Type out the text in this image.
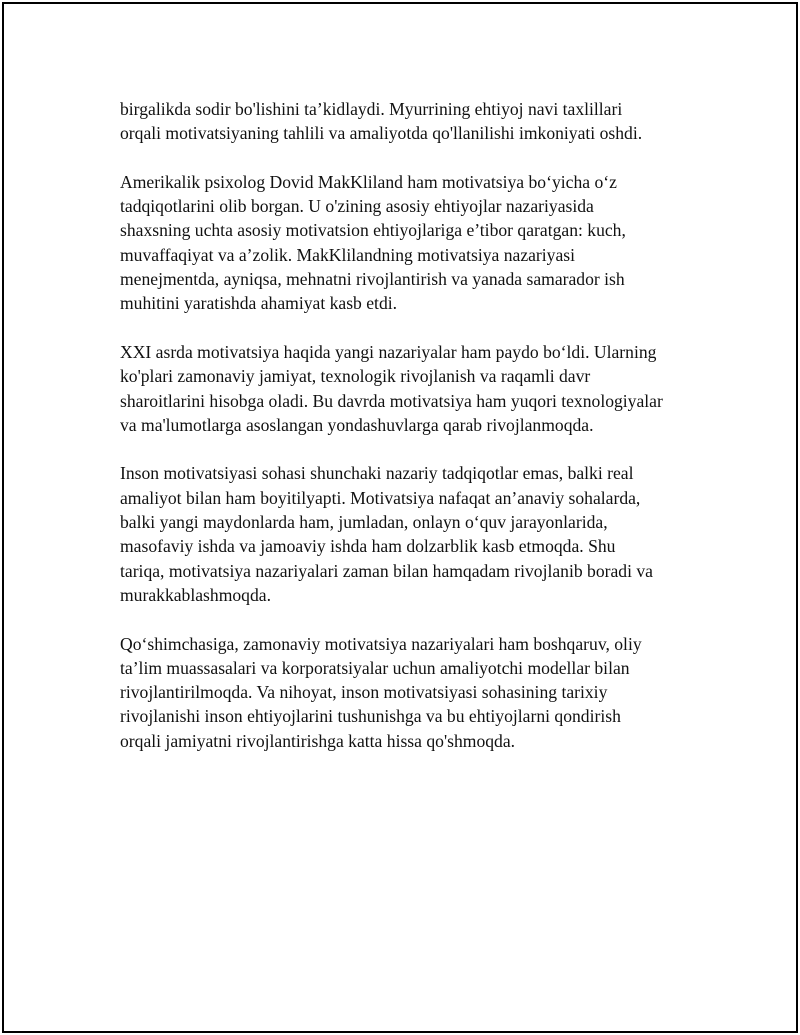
birgalikda sodir bo'lishini ta’kidlaydi. Myurrining ehtiyoj navi taxlillari
orqali motivatsiyaning tahlili va amaliyotda qo'llanilishi imkoniyati oshdi.

Amerikalik psixolog Dovid MakKliland ham motivatsiya bo‘yicha o‘z
tadqiqotlarini olib borgan. U o'zining asosiy ehtiyojlar nazariyasida
shaxsning uchta asosiy motivatsion ehtiyojlariga e’tibor qaratgan: kuch,
muvaffaqiyat va a’zolik. MakKlilandning motivatsiya nazariyasi
menejmentda, ayniqsa, mehnatni rivojlantirish va yanada samarador ish
muhitini yaratishda ahamiyat kasb etdi.

XXI asrda motivatsiya haqida yangi nazariyalar ham paydo bo‘ldi. Ularning
ko'plari zamonaviy jamiyat, texnologik rivojlanish va raqamli davr
sharoitlarini hisobga oladi. Bu davrda motivatsiya ham yuqori texnologiyalar
va ma'lumotlarga asoslangan yondashuvlarga qarab rivojlanmoqda.

Inson motivatsiyasi sohasi shunchaki nazariy tadqiqotlar emas, balki real
amaliyot bilan ham boyitilyapti. Motivatsiya nafaqat an’anaviy sohalarda,
balki yangi maydonlarda ham, jumladan, onlayn o‘quv jarayonlarida,
masofaviy ishda va jamoaviy ishda ham dolzarblik kasb etmoqda. Shu
tariqa, motivatsiya nazariyalari zaman bilan hamqadam rivojlanib boradi va
murakkablashmoqda.

Qo‘shimchasiga, zamonaviy motivatsiya nazariyalari ham boshqaruv, oliy
ta’lim muassasalari va korporatsiyalar uchun amaliyotchi modellar bilan
rivojlantirilmoqda. Va nihoyat, inson motivatsiyasi sohasining tarixiy
rivojlanishi inson ehtiyojlarini tushunishga va bu ehtiyojlarni qondirish
orqali jamiyatni rivojlantirishga katta hissa qo'shmoqda.
